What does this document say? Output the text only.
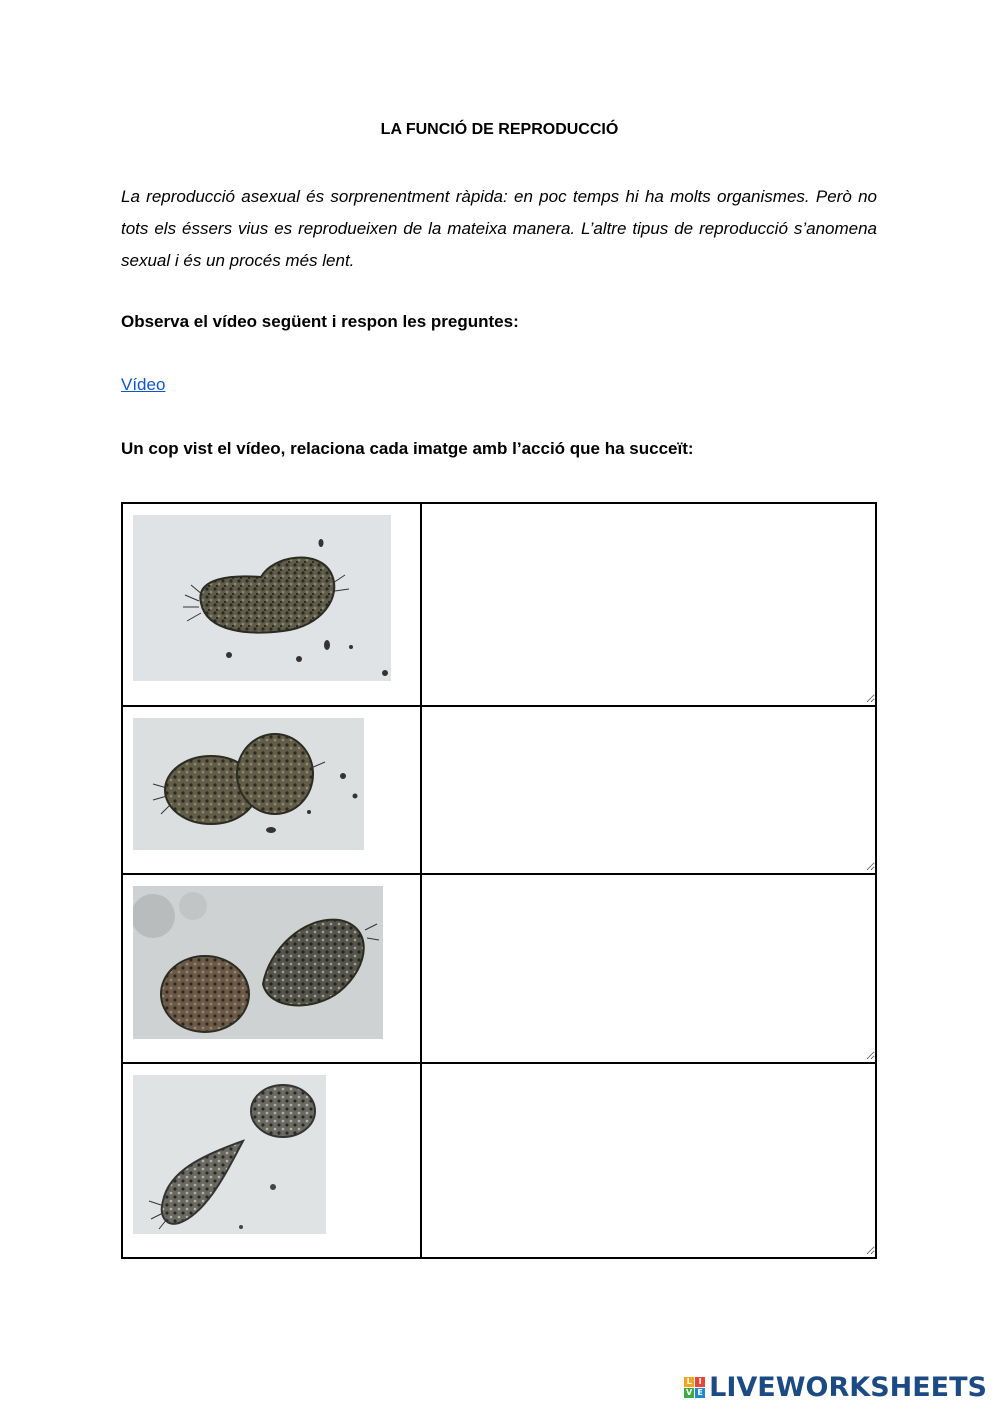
LA FUNCIÓ DE REPRODUCCIÓ

La reproducció asexual és sorprenentment ràpida: en poc temps hi ha molts organismes. Però no tots els éssers vius es reprodueixen de la mateixa manera. L’altre tipus de reproducció s’anomena sexual i és un procés més lent.

Observa el vídeo següent i respon les preguntes:
Vídeo
Un cop vist el vídeo, relaciona cada imatge amb l’acció que ha succeït:

L I
V E LIVEWORKSHEETS
